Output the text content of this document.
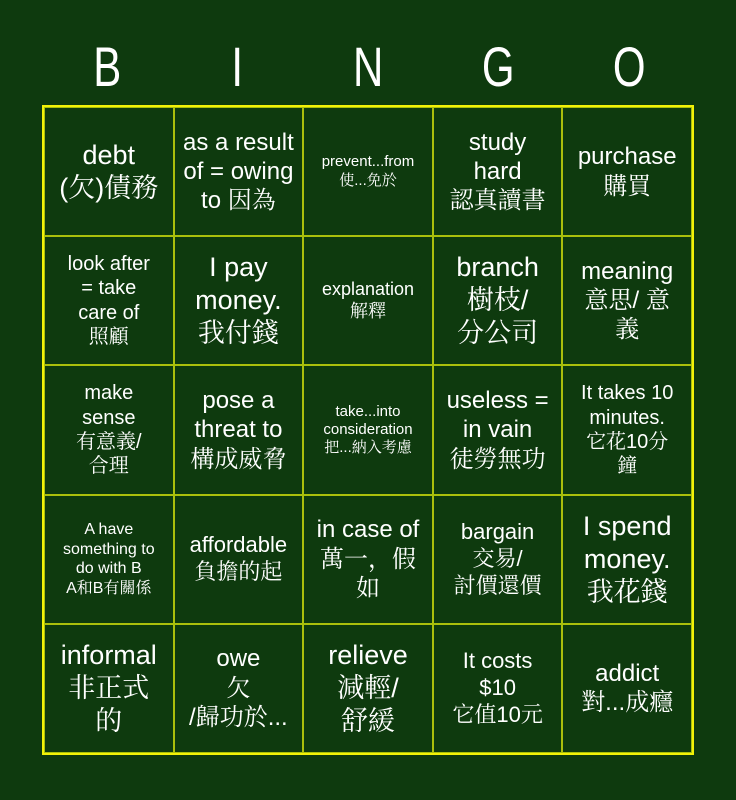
B	I	N	G	O
debt
(欠)債務
as a result
of = owing
to 因為
prevent...from
使...免於
study
hard
認真讀書
purchase
購買
look after
= take
care of
照顧
I pay
money.
我付錢
explanation
解釋
branch
樹枝/
分公司
meaning
意思/ 意
義
make
sense
有意義/
合理
pose a
threat to
構成威脅
take...into
consideration
把...納入考慮
useless =
in vain
徒勞無功
It takes 10
minutes.
它花10分
鐘
A have
something to
do with B
A和B有關係
affordable
負擔的起
in case of
萬一，假
如
bargain
交易/
討價還價
I spend
money.
我花錢
informal
非正式
的
owe
欠
/歸功於...
relieve
減輕/
舒緩
It costs
$10
它值10元
addict
對...成癮
